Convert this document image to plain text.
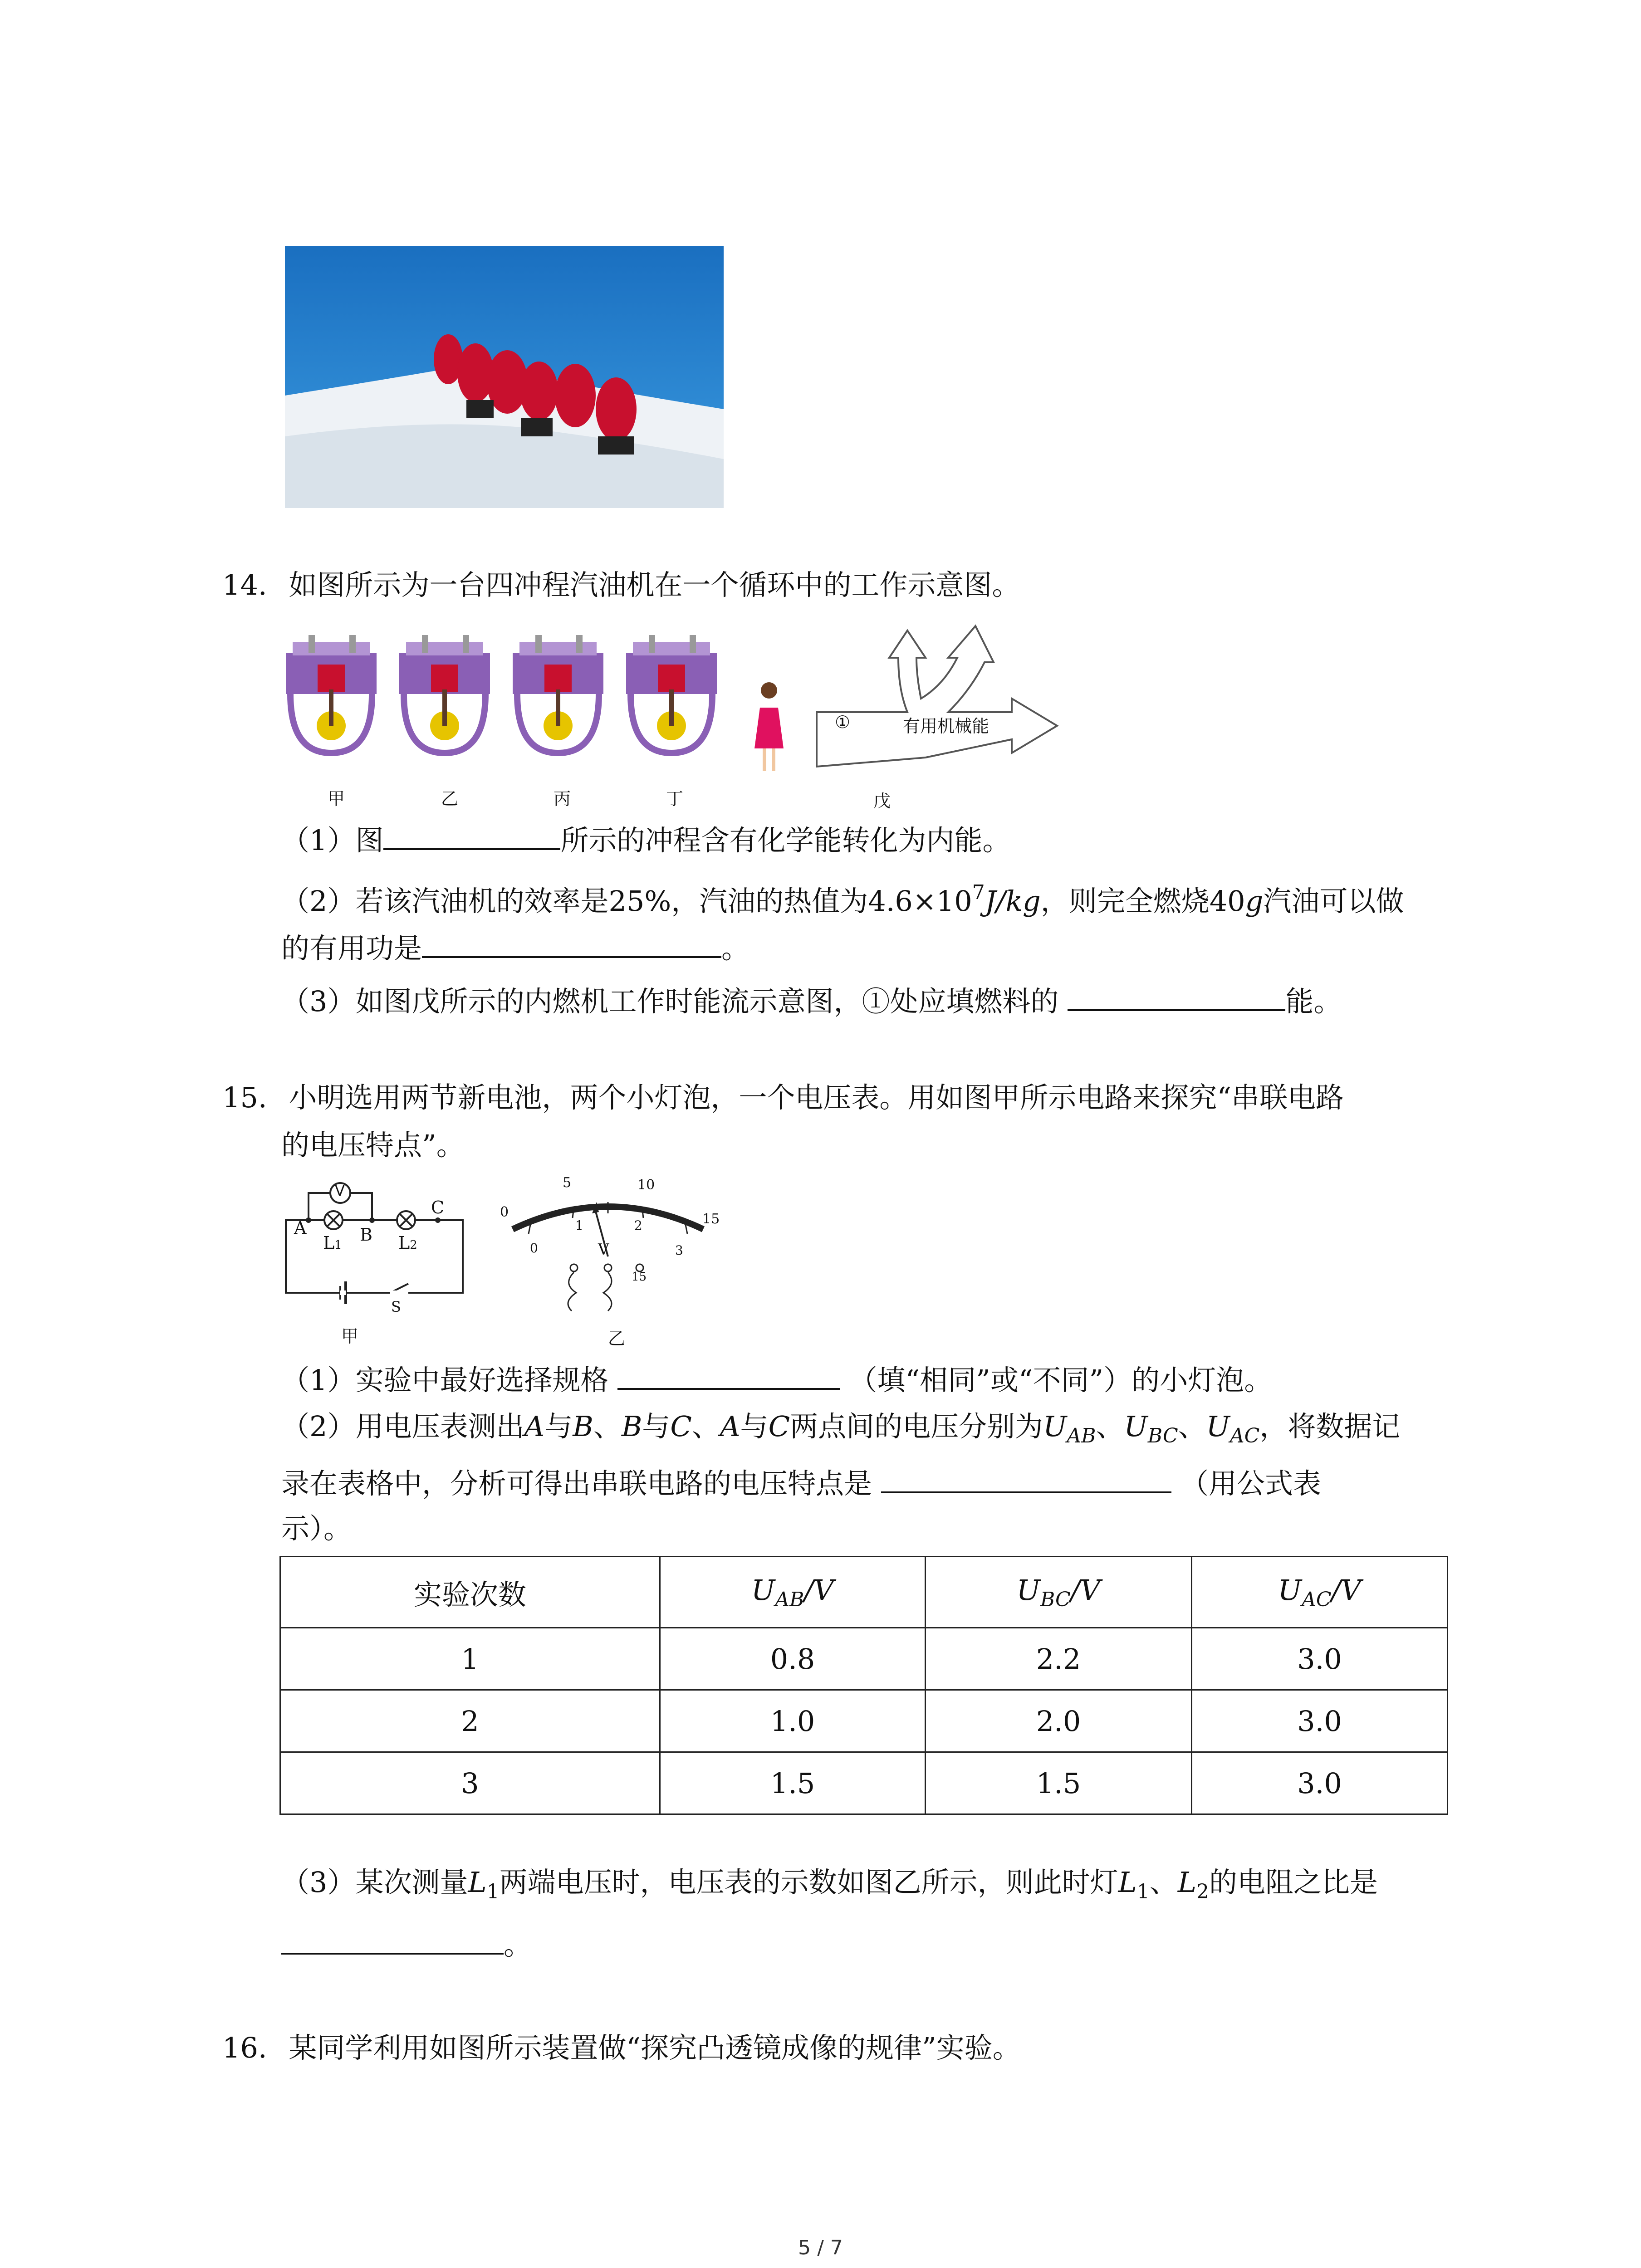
14. 如图所示为一台四冲程汽油机在一个循环中的工作示意图。
甲	乙	丙	丁
①	有用机械能
戊
（1）图	所示的冲程含有化学能转化为内能。
（2）若该汽油机的效率是25%，汽油的热值为$4.6\times 10^7J/kg$，则完全燃烧40g汽油可以做
的有用功是	。
（3）如图戊所示的内燃机工作时能流示意图，①处应填燃料的	能。
15. 小明选用两节新电池，两个小灯泡，一个电压表。用如图甲所示电路来探究“串联电路
的电压特点”。
V
A	B
C
L1	L2
S
甲
0
5	10
15
0
1	2
3
V
15
乙
（1）实验中最好选择规格	（填“相同”或“不同”）的小灯泡。
（2）用电压表测出A与B、B与C、A与C两点间的电压分别为$U_{AB}$、$U_{BC}$、$U_{AC}$，将数据记
录在表格中，分析可得出串联电路的电压特点是	（用公式表
示）。
实验次数	$U_{AB}/V$	$U_{BC}/V$	$U_{AC}/V$
1	0.8	2.2	3.0
2	1.0	2.0	3.0
3	1.5	1.5	3.0
（3）某次测量$L_1$两端电压时，电压表的示数如图乙所示，则此时灯$L_1$、$L_2$的电阻之比是
。
16. 某同学利用如图所示装置做“探究凸透镜成像的规律”实验。
5 / 7
